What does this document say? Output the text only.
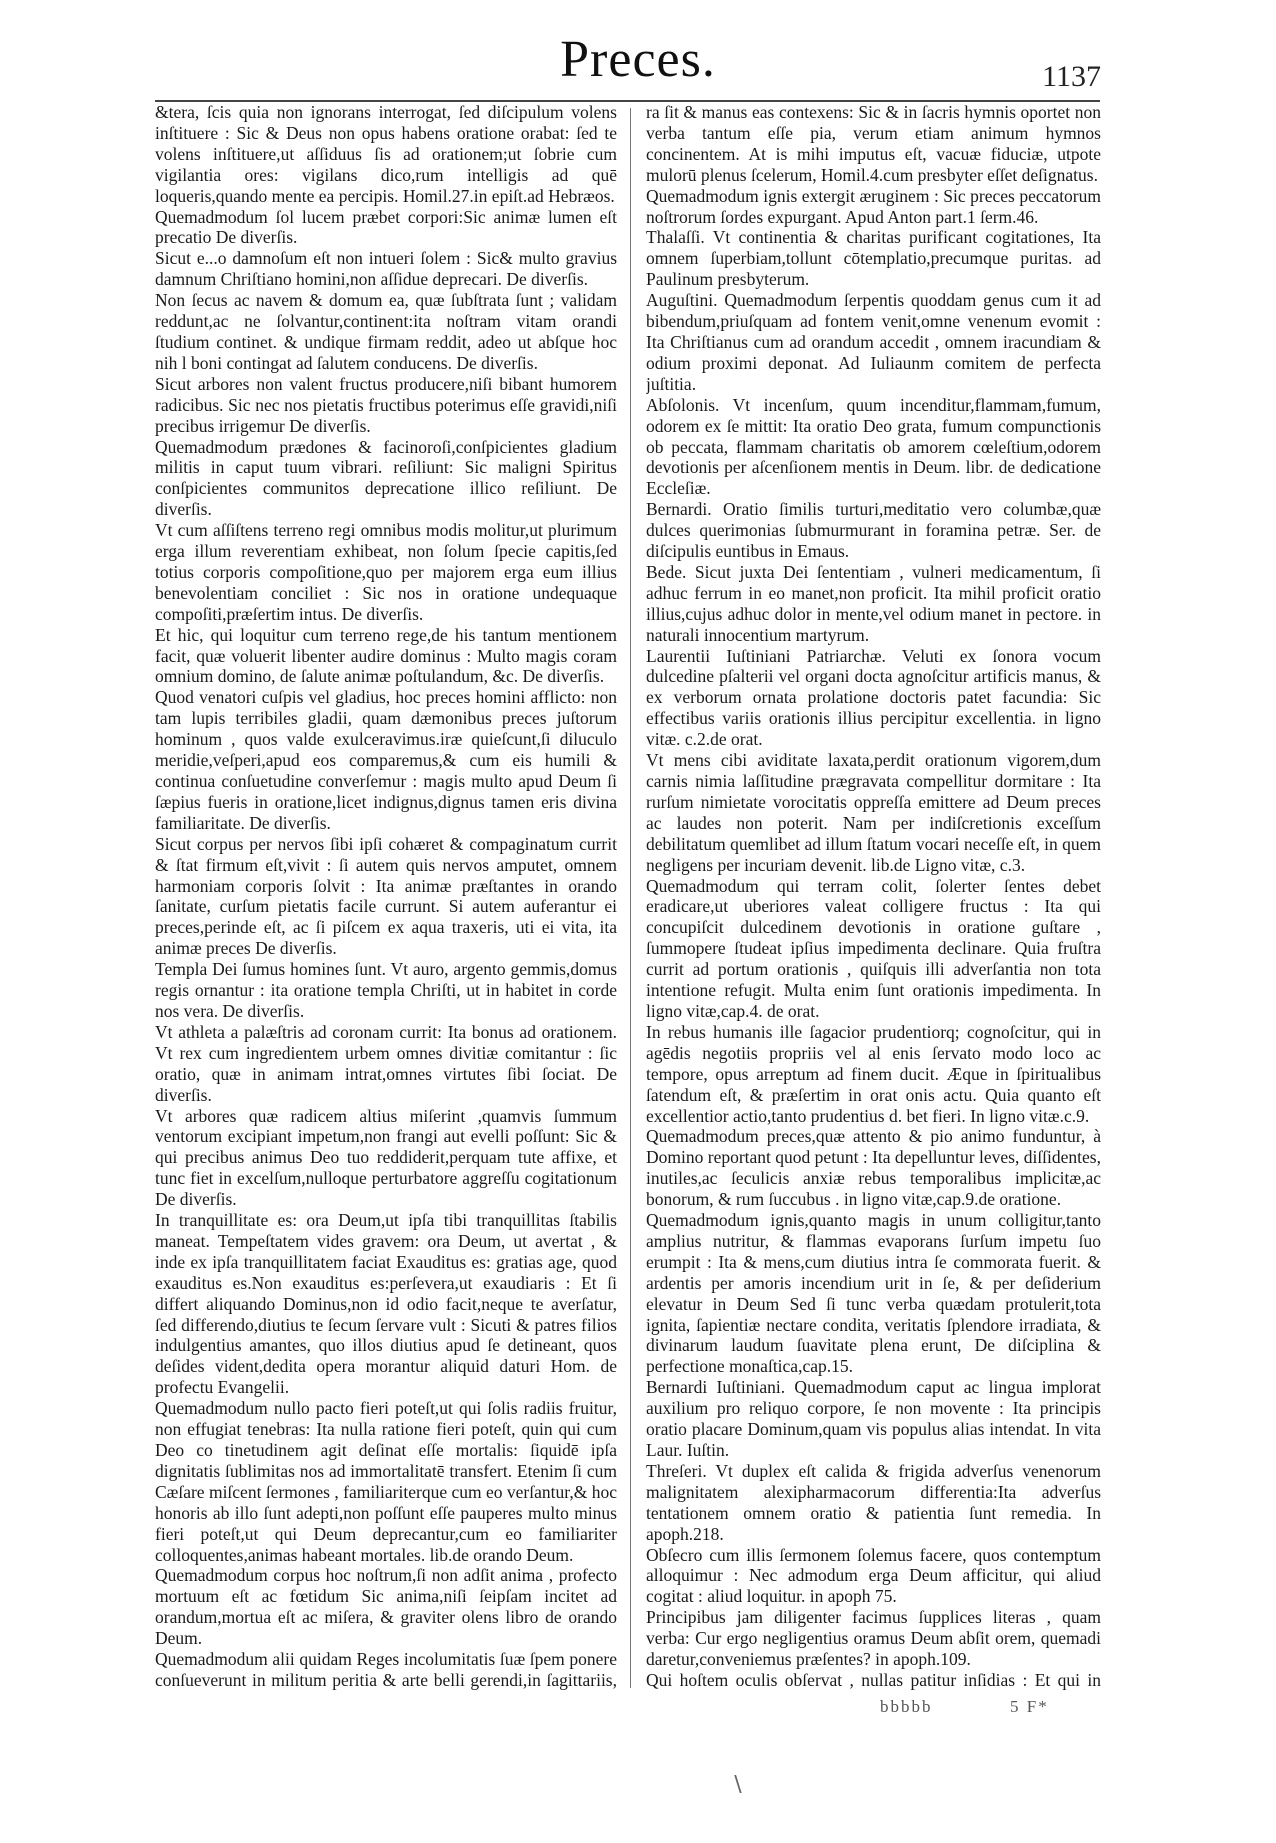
Preces.	1137

&tera, ſcis quia non ignorans interrogat, ſed diſcipulum volens inſtituere : Sic & Deus non opus habens oratione orabat: ſed te volens inſtituere,ut aſſiduus ſis ad orationem;ut ſobrie cum vigilantia ores: vigilans dico,rum intelligis ad quē loqueris,quando mente ea percipis. Homil.27.in epiſt.ad Hebræos.

Quemadmodum ſol lucem præbet corpori:Sic animæ lumen eſt precatio De diverſis.

Sicut e...o damnoſum eſt non intueri ſolem : Sic& multo gravius damnum Chriſtiano homini,non aſſidue deprecari. De diverſis.

Non ſecus ac navem & domum ea, quæ ſubſtrata ſunt ; validam reddunt,ac ne ſolvantur,continent:ita noſtram vitam orandi ſtudium continet. & undique firmam reddit, adeo ut abſque hoc nih l boni contingat ad ſalutem conducens. De diverſis.

Sicut arbores non valent fructus producere,niſi bibant humorem radicibus. Sic nec nos pietatis fructibus poterimus eſſe gravidi,niſi precibus irrigemur De diverſis.

Quemadmodum prædones & facinoroſi,conſpicientes gladium militis in caput tuum vibrari. reſiliunt: Sic maligni Spiritus conſpicientes communitos deprecatione illico reſiliunt. De diverſis.

Vt cum aſſiſtens terreno regi omnibus modis molitur,ut plurimum erga illum reverentiam exhibeat, non ſolum ſpecie capitis,ſed totius corporis compoſitione,quo per majorem erga eum illius benevolentiam conciliet : Sic nos in oratione undequaque compoſiti,præſertim intus. De diverſis.

Et hic, qui loquitur cum terreno rege,de his tantum mentionem facit, quæ voluerit libenter audire dominus : Multo magis coram omnium domino, de ſalute animæ poſtulandum, &c. De diverſis.

Quod venatori cuſpis vel gladius, hoc preces homini afflicto: non tam lupis terribiles gladii, quam dæmonibus preces juſtorum hominum , quos valde exulceravimus.iræ quieſcunt,ſi diluculo meridie,veſperi,apud eos comparemus,& cum eis humili & continua conſuetudine converſemur : magis multo apud Deum ſi ſæpius fueris in oratione,licet indignus,dignus tamen eris divina familiaritate. De diverſis.

Sicut corpus per nervos ſibi ipſi cohæret & compaginatum currit & ſtat firmum eſt,vivit : ſi autem quis nervos amputet, omnem harmoniam corporis ſolvit : Ita animæ præſtantes in orando ſanitate, curſum pietatis facile currunt. Si autem auferantur ei preces,perinde eſt, ac ſi piſcem ex aqua traxeris, uti ei vita, ita animæ preces De diverſis.

Templa Dei ſumus homines ſunt. Vt auro, argento gemmis,domus regis ornantur : ita oratione templa Chriſti, ut in habitet in corde nos vera. De diverſis.

Vt athleta a palæſtris ad coronam currit: Ita bonus ad orationem. Vt rex cum ingredientem urbem omnes divitiæ comitantur : ſic oratio, quæ in animam intrat,omnes virtutes ſibi ſociat. De diverſis.

Vt arbores quæ radicem altius miſerint ,quamvis ſummum ventorum excipiant impetum,non frangi aut evelli poſſunt: Sic & qui precibus animus Deo tuo reddiderit,perquam tute affixe, et tunc fiet in excelſum,nulloque perturbatore aggreſſu cogitationum De diverſis.

In tranquillitate es: ora Deum,ut ipſa tibi tranquillitas ſtabilis maneat. Tempeſtatem vides gravem: ora Deum, ut avertat , & inde ex ipſa tranquillitatem faciat Exauditus es: gratias age, quod exauditus es.Non exauditus es:perſevera,ut exaudiaris : Et ſi differt aliquando Dominus,non id odio facit,neque te averſatur, ſed differendo,diutius te ſecum ſervare vult : Sicuti & patres filios indulgentius amantes, quo illos diutius apud ſe detineant, quos deſides vident,dedita opera morantur aliquid daturi Hom. de profectu Evangelii.

Quemadmodum nullo pacto fieri poteſt,ut qui ſolis radiis fruitur, non effugiat tenebras: Ita nulla ratione fieri poteſt, quin qui cum Deo co tinetudinem agit deſinat eſſe mortalis: ſiquidē ipſa dignitatis ſublimitas nos ad immortalitatē transfert. Etenim ſi cum Cæſare miſcent ſermones , familiariterque cum eo verſantur,& hoc honoris ab illo ſunt adepti,non poſſunt eſſe pauperes multo minus fieri poteſt,ut qui Deum deprecantur,cum eo familiariter colloquentes,animas habeant mortales. lib.de orando Deum.

Quemadmodum corpus hoc noſtrum,ſi non adſit anima , profecto mortuum eſt ac fœtidum Sic anima,niſi ſeipſam incitet ad orandum,mortua eſt ac miſera, & graviter olens libro de orando Deum.

Quemadmodum alii quidam Reges incolumitatis ſuæ ſpem ponere conſueverunt in militum peritia & arte belli gerendi,in ſagittariis,

ra ſit & manus eas contexens: Sic & in ſacris hymnis oportet non verba tantum eſſe pia, verum etiam animum hymnos concinentem. At is mihi imputus eſt, vacuæ fiduciæ, utpote mulorū plenus ſcelerum, Homil.4.cum presbyter eſſet deſignatus.

Quemadmodum ignis extergit æruginem : Sic preces peccatorum noſtrorum ſordes expurgant. Apud Anton part.1 ſerm.46.

Thalaſſi. Vt continentia & charitas purificant cogitationes, Ita omnem ſuperbiam,tollunt cōtemplatio,precumque puritas. ad Paulinum presbyterum.

Auguſtini. Quemadmodum ſerpentis quoddam genus cum it ad bibendum,priuſquam ad fontem venit,omne venenum evomit : Ita Chriſtianus cum ad orandum accedit , omnem iracundiam & odium proximi deponat. Ad Iuliaunm comitem de perfecta juſtitia.

Abſolonis. Vt incenſum, quum incenditur,flammam,fumum, odorem ex ſe mittit: Ita oratio Deo grata, fumum compunctionis ob peccata, flammam charitatis ob amorem cœleſtium,odorem devotionis per aſcenſionem mentis in Deum. libr. de dedicatione Eccleſiæ.

Bernardi. Oratio ſimilis turturi,meditatio vero columbæ,quæ dulces querimonias ſubmurmurant in foramina petræ. Ser. de diſcipulis euntibus in Emaus.

Bede. Sicut juxta Dei ſententiam , vulneri medicamentum, ſi adhuc ferrum in eo manet,non proficit. Ita mihil proficit oratio illius,cujus adhuc dolor in mente,vel odium manet in pectore. in naturali innocentium martyrum.

Laurentii Iuſtiniani Patriarchæ. Veluti ex ſonora vocum dulcedine pſalterii vel organi docta agnoſcitur artificis manus, & ex verborum ornata prolatione doctoris patet facundia: Sic effectibus variis orationis illius percipitur excellentia. in ligno vitæ. c.2.de orat.

Vt mens cibi aviditate laxata,perdit orationum vigorem,dum carnis nimia laſſitudine prægravata compellitur dormitare : Ita rurſum nimietate vorocitatis oppreſſa emittere ad Deum preces ac laudes non poterit. Nam per indiſcretionis exceſſum debilitatum quemlibet ad illum ſtatum vocari neceſſe eſt, in quem negligens per incuriam devenit. lib.de Ligno vitæ, c.3.

Quemadmodum qui terram colit, ſolerter ſentes debet eradicare,ut uberiores valeat colligere fructus : Ita qui concupiſcit dulcedinem devotionis in oratione guſtare , ſummopere ſtudeat ipſius impedimenta declinare. Quia fruſtra currit ad portum orationis , quiſquis illi adverſantia non tota intentione refugit. Multa enim ſunt orationis impedimenta. In ligno vitæ,cap.4. de orat.

In rebus humanis ille ſagacior prudentiorq; cognoſcitur, qui in agēdis negotiis propriis vel al enis ſervato modo loco ac tempore, opus arreptum ad finem ducit. Æque in ſpiritualibus ſatendum eſt, & præſertim in orat onis actu. Quia quanto eſt excellentior actio,tanto prudentius d. bet fieri. In ligno vitæ.c.9.

Quemadmodum preces,quæ attento & pio animo funduntur, à Domino reportant quod petunt : Ita depelluntur leves, diſſidentes, inutiles,ac ſeculicis anxiæ rebus temporalibus implicitæ,ac bonorum, & rum ſuccubus . in ligno vitæ,cap.9.de oratione.

Quemadmodum ignis,quanto magis in unum colligitur,tanto amplius nutritur, & flammas evaporans ſurſum impetu ſuo erumpit : Ita & mens,cum diutius intra ſe commorata fuerit. & ardentis per amoris incendium urit in ſe, & per deſiderium elevatur in Deum Sed ſi tunc verba quædam protulerit,tota ignita, ſapientiæ nectare condita, veritatis ſplendore irradiata, & divinarum laudum ſuavitate plena erunt, De diſciplina & perfectione monaſtica,cap.15.

Bernardi Iuſtiniani. Quemadmodum caput ac lingua implorat auxilium pro reliquo corpore, ſe non movente : Ita principis oratio placare Dominum,quam vis populus alias intendat. In vita Laur. Iuſtin.

Threſeri. Vt duplex eſt calida & frigida adverſus venenorum malignitatem alexipharmacorum differentia:Ita adverſus tentationem omnem oratio & patientia ſunt remedia. In apoph.218.

Obſecro cum illis ſermonem ſolemus facere, quos contemptum alloquimur : Nec admodum erga Deum afficitur, qui aliud cogitat : aliud loquitur. in apoph 75.

Principibus jam diligenter facimus ſupplices literas , quam verba: Cur ergo negligentius oramus Deum abſit orem, quemadi daretur,conveniemus præſentes? in apoph.109.

Qui hoſtem oculis obſervat , nullas patitur inſidias : Et qui in

bbbbb	5 F*
∖
